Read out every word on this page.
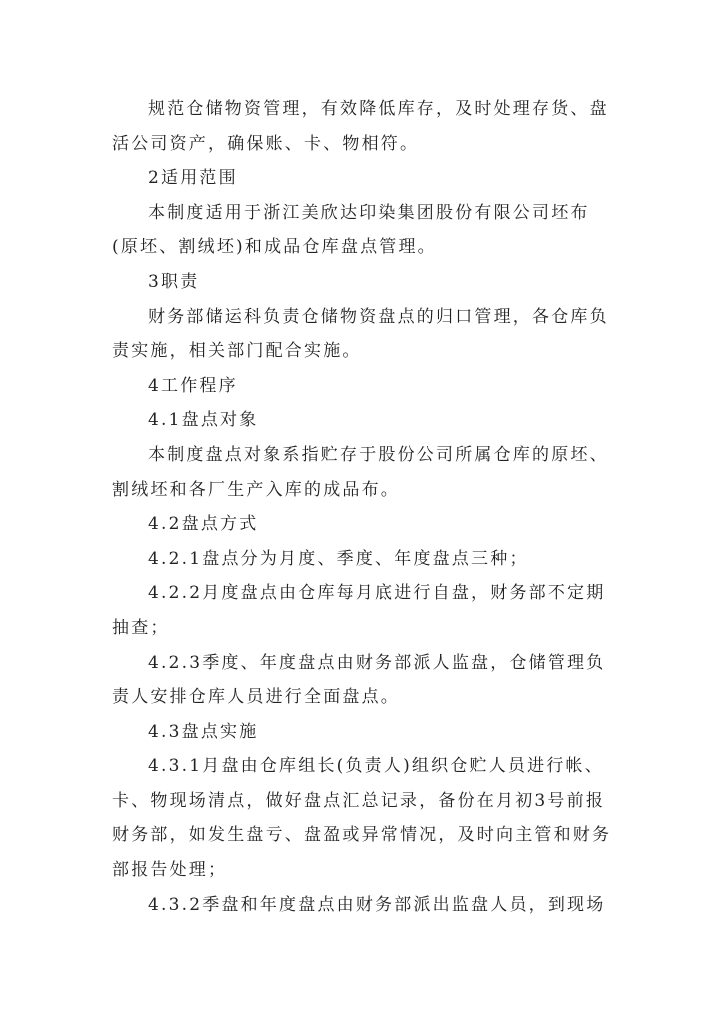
规范仓储物资管理，有效降低库存，及时处理存货、盘
活公司资产，确保账、卡、物相符。
2适用范围
本制度适用于浙江美欣达印染集团股份有限公司坯布
(原坯、割绒坯)和成品仓库盘点管理。
3职责
财务部储运科负责仓储物资盘点的归口管理，各仓库负
责实施，相关部门配合实施。
4工作程序
4.1盘点对象
本制度盘点对象系指贮存于股份公司所属仓库的原坯、
割绒坯和各厂生产入库的成品布。
4.2盘点方式
4.2.1盘点分为月度、季度、年度盘点三种；
4.2.2月度盘点由仓库每月底进行自盘，财务部不定期
抽查；
4.2.3季度、年度盘点由财务部派人监盘，仓储管理负
责人安排仓库人员进行全面盘点。
4.3盘点实施
4.3.1月盘由仓库组长(负责人)组织仓贮人员进行帐、
卡、物现场清点，做好盘点汇总记录，备份在月初3号前报
财务部，如发生盘亏、盘盈或异常情况，及时向主管和财务
部报告处理；
4.3.2季盘和年度盘点由财务部派出监盘人员，到现场
